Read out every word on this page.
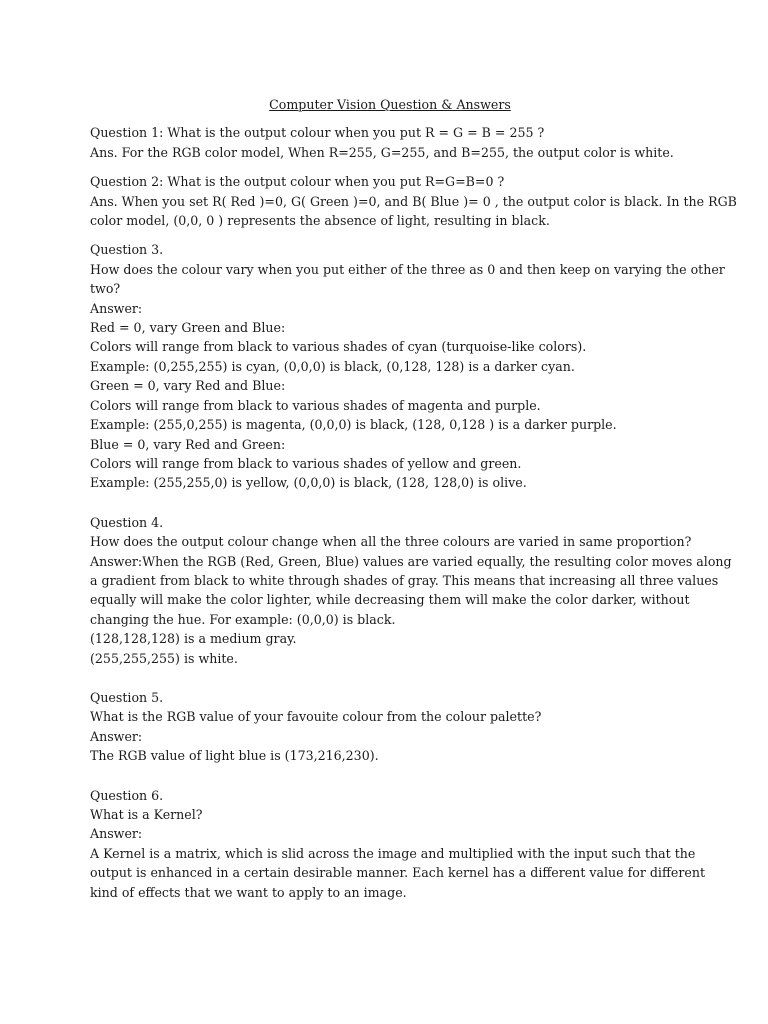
Computer Vision Question & Answers
Question 1: What is the output colour when you put R = G = B = 255 ?
Ans. For the RGB color model, When R=255, G=255, and B=255, the output color is white.
Question 2: What is the output colour when you put R=G=B=0 ?
Ans. When you set R( Red )=0, G( Green )=0, and B( Blue )= 0 , the output color is black. In the RGB
color model, (0,0, 0 ) represents the absence of light, resulting in black.
Question 3.
How does the colour vary when you put either of the three as 0 and then keep on varying the other
two?
Answer:
Red = 0, vary Green and Blue:
Colors will range from black to various shades of cyan (turquoise-like colors).
Example: (0,255,255) is cyan, (0,0,0) is black, (0,128, 128) is a darker cyan.
Green = 0, vary Red and Blue:
Colors will range from black to various shades of magenta and purple.
Example: (255,0,255) is magenta, (0,0,0) is black, (128, 0,128 ) is a darker purple.
Blue = 0, vary Red and Green:
Colors will range from black to various shades of yellow and green.
Example: (255,255,0) is yellow, (0,0,0) is black, (128, 128,0) is olive.
Question 4.
How does the output colour change when all the three colours are varied in same proportion?
Answer:When the RGB (Red, Green, Blue) values are varied equally, the resulting color moves along
a gradient from black to white through shades of gray. This means that increasing all three values
equally will make the color lighter, while decreasing them will make the color darker, without
changing the hue. For example: (0,0,0) is black.
(128,128,128) is a medium gray.
(255,255,255) is white.
Question 5.
What is the RGB value of your favouite colour from the colour palette?
Answer:
The RGB value of light blue is (173,216,230).
Question 6.
What is a Kernel?
Answer:
A Kernel is a matrix, which is slid across the image and multiplied with the input such that the
output is enhanced in a certain desirable manner. Each kernel has a different value for different
kind of effects that we want to apply to an image.
